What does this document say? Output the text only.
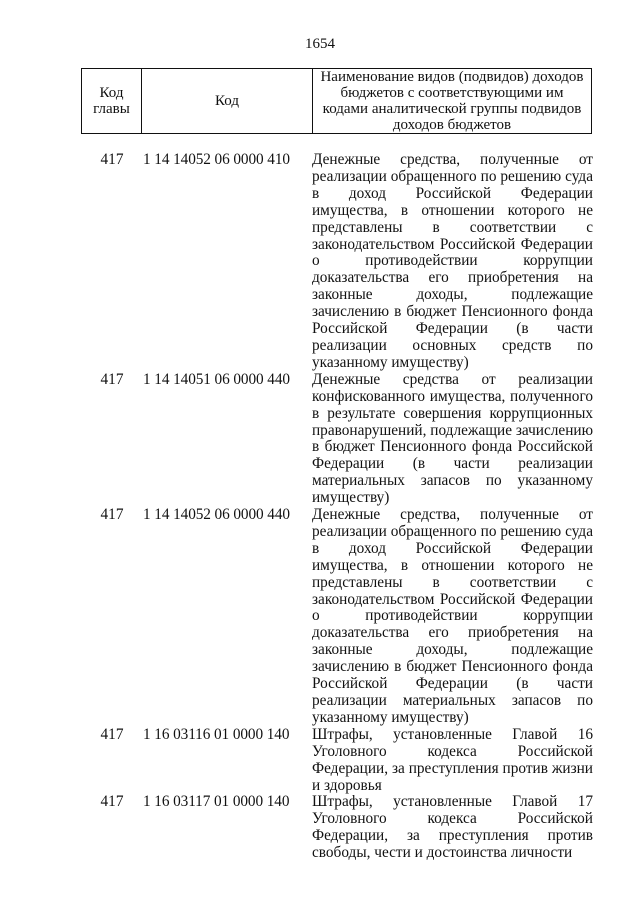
1654
Код главы	Код	Наименование видов (подвидов) доходов бюджетов с соответствующими им кодами аналитической группы подвидов доходов бюджетов
417	1 14 14052 06 0000 410	Денежные средства, полученные от реализации обращенного по решению суда в доход Российской Федерации имущества, в отношении которого не представлены в соответствии с законодательством Российской Федерации о противодействии коррупции доказательства его приобретения на законные доходы, подлежащие зачислению в бюджет Пенсионного фонда Российской Федерации (в части реализации основных средств по указанному имуществу)
417	1 14 14051 06 0000 440	Денежные средства от реализации конфискованного имущества, полученного в результате совершения коррупционных правонарушений, подлежащие зачислению в бюджет Пенсионного фонда Российской Федерации (в части реализации материальных запасов по указанному имуществу)
417	1 14 14052 06 0000 440	Денежные средства, полученные от реализации обращенного по решению суда в доход Российской Федерации имущества, в отношении которого не представлены в соответствии с законодательством Российской Федерации о противодействии коррупции доказательства его приобретения на законные доходы, подлежащие зачислению в бюджет Пенсионного фонда Российской Федерации (в части реализации материальных запасов по указанному имуществу)
417	1 16 03116 01 0000 140	Штрафы, установленные Главой 16 Уголовного кодекса Российской Федерации, за преступления против жизни и здоровья
417	1 16 03117 01 0000 140	Штрафы, установленные Главой 17 Уголовного кодекса Российской Федерации, за преступления против свободы, чести и достоинства личности
